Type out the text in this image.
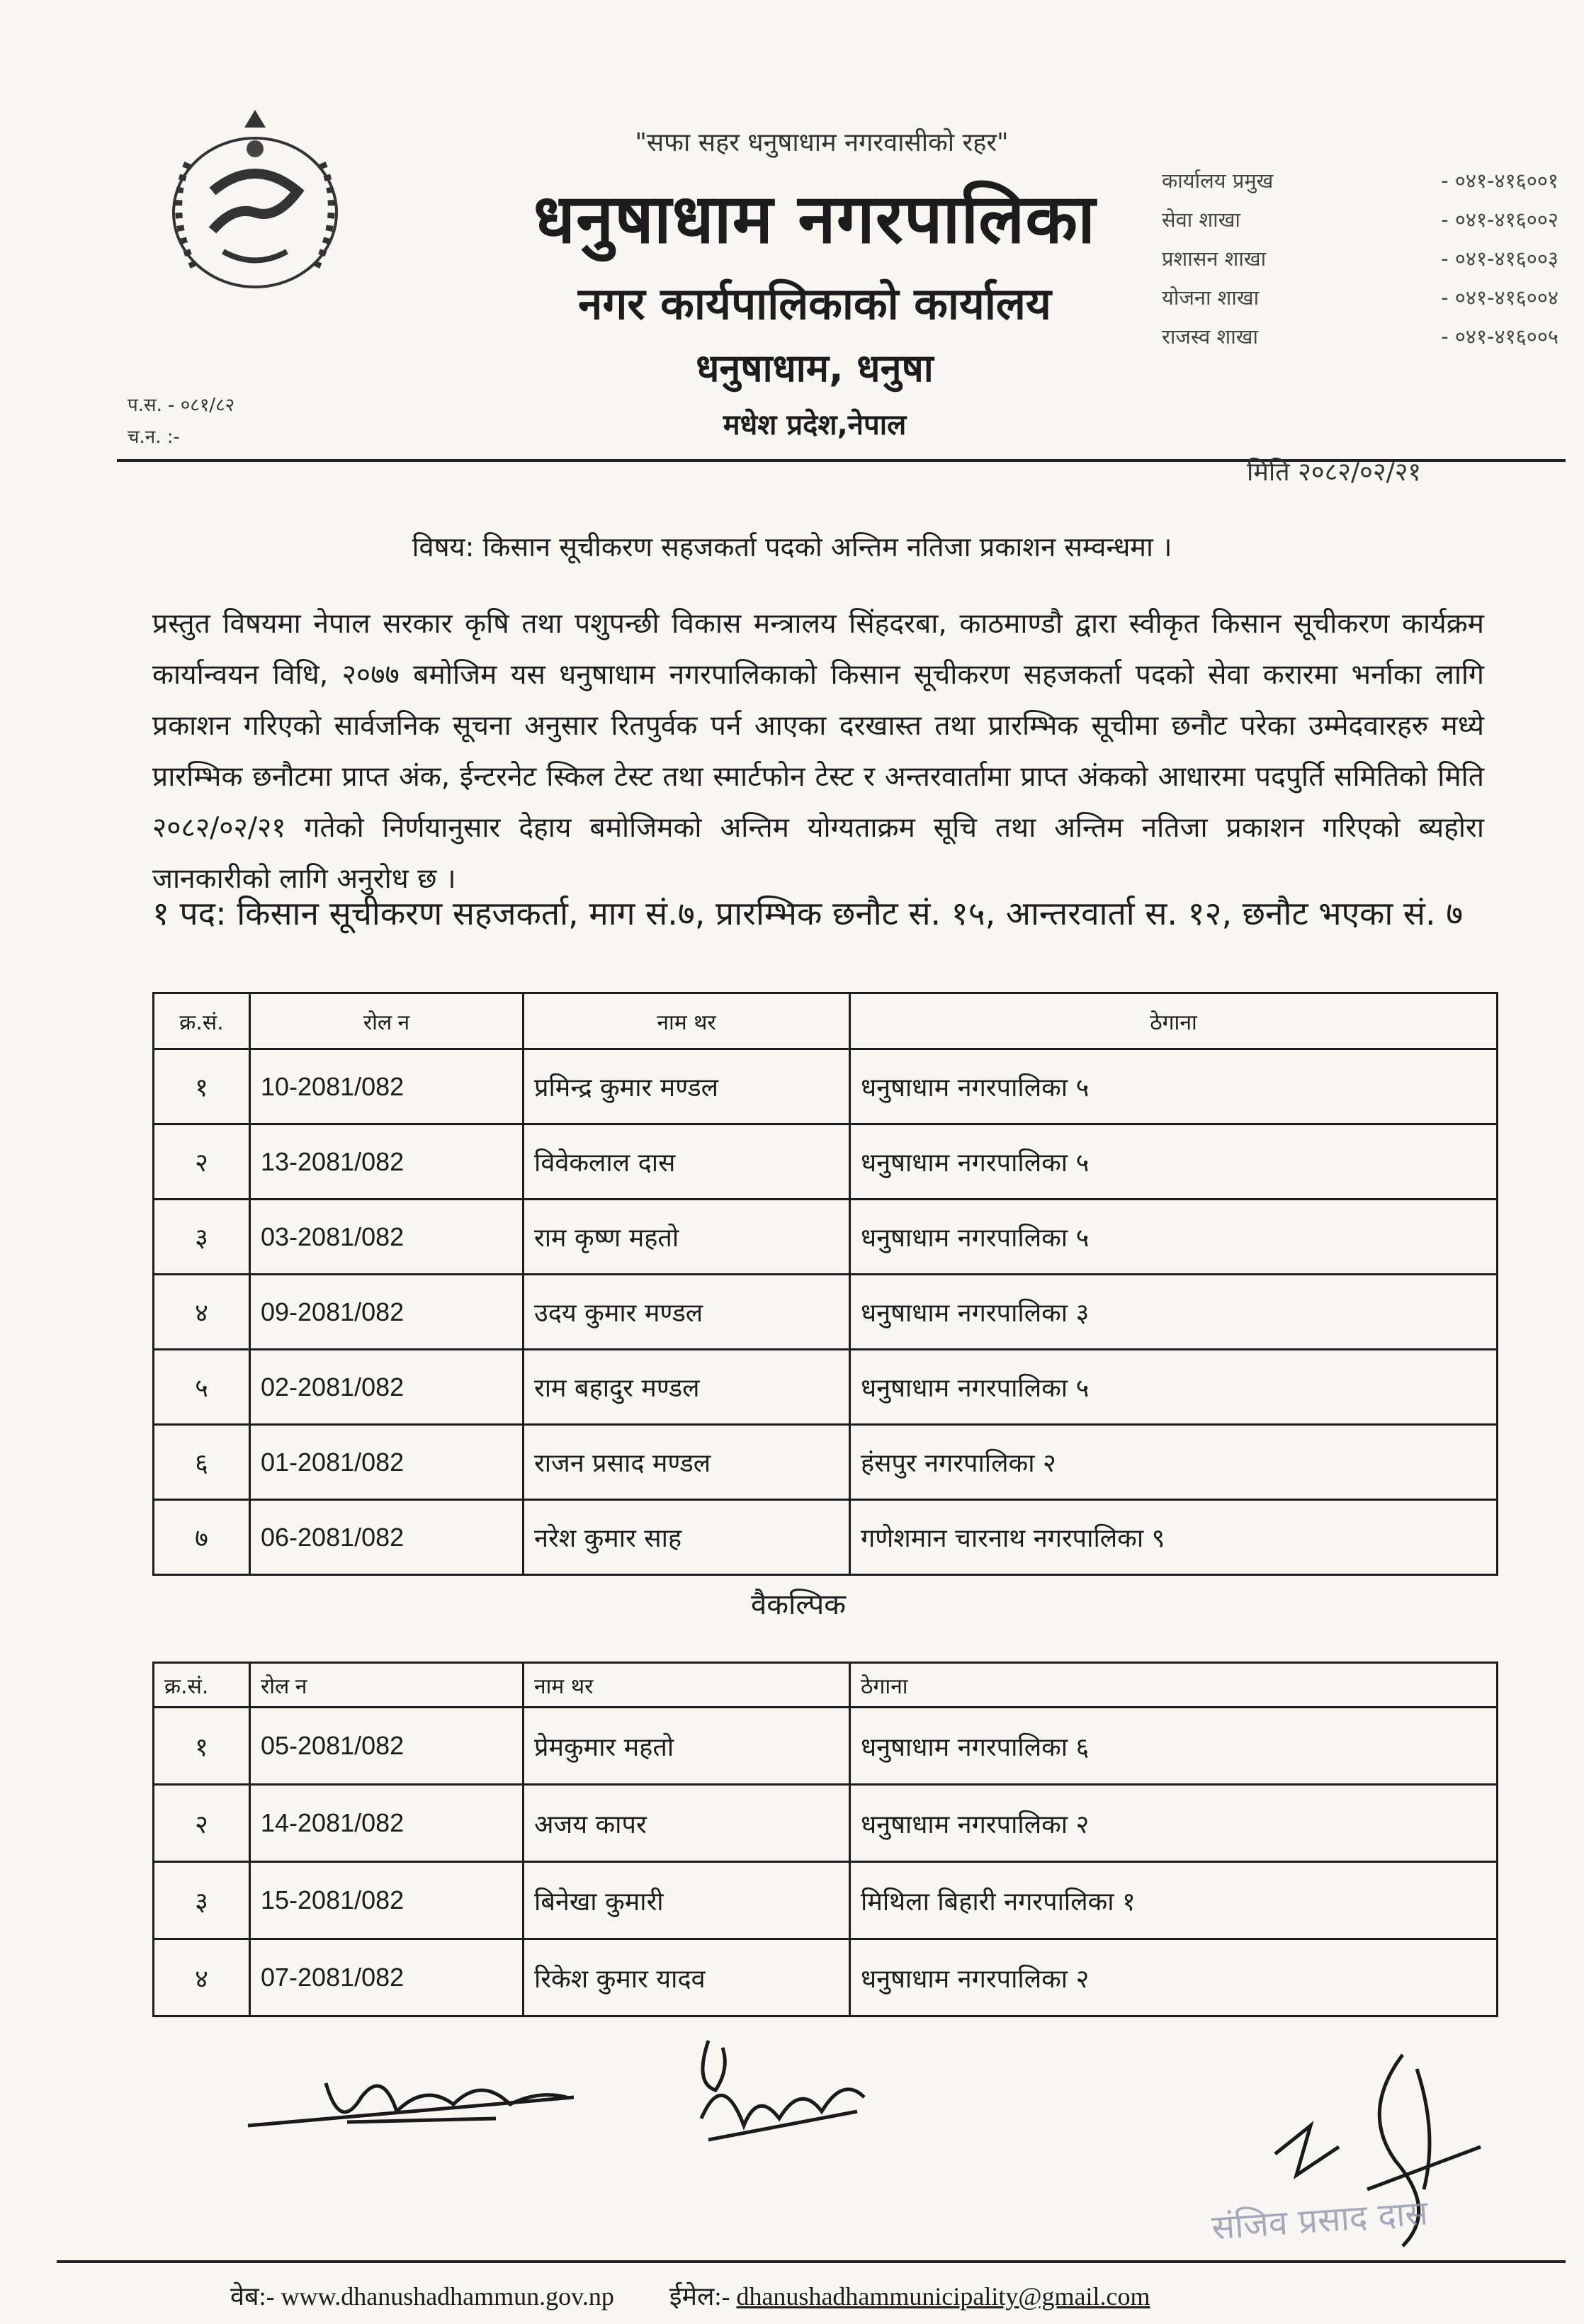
"सफा सहर धनुषाधाम नगरवासीको रहर"
धनुषाधाम नगरपालिका
नगर कार्यपालिकाको कार्यालय
धनुषाधाम, धनुषा
मधेश प्रदेश,नेपाल
कार्यालय प्रमुख	- ०४१-४१६००१
सेवा शाखा	- ०४१-४१६००२
प्रशासन शाखा	- ०४१-४१६००३
योजना शाखा	- ०४१-४१६००४
राजस्व शाखा	- ०४१-४१६००५
प.स. - ०८१/८२
च.न. :-
मिति २०८२/०२/२१
विषय: किसान सूचीकरण सहजकर्ता पदको अन्तिम नतिजा प्रकाशन सम्वन्धमा ।
प्रस्तुत विषयमा नेपाल सरकार कृषि तथा पशुपन्छी विकास मन्त्रालय सिंहदरबा, काठमाण्डौ द्वारा स्वीकृत किसान सूचीकरण कार्यक्रम कार्यान्वयन विधि, २०७७ बमोजिम यस धनुषाधाम नगरपालिकाको किसान सूचीकरण सहजकर्ता पदको सेवा करारमा भर्नाका लागि प्रकाशन गरिएको सार्वजनिक सूचना अनुसार रितपुर्वक पर्न आएका दरखास्त तथा प्रारम्भिक सूचीमा छनौट परेका उम्मेदवारहरु मध्ये प्रारम्भिक छनौटमा प्राप्त अंक, ईन्टरनेट स्किल टेस्ट तथा स्मार्टफोन टेस्ट र अन्तरवार्तामा प्राप्त अंकको आधारमा पदपुर्ति समितिको मिति २०८२/०२/२१ गतेको निर्णयानुसार देहाय बमोजिमको अन्तिम योग्यताक्रम सूचि तथा अन्तिम नतिजा प्रकाशन गरिएको ब्यहोरा जानकारीको लागि अनुरोध छ ।
१ पद: किसान सूचीकरण सहजकर्ता, माग सं.७, प्रारम्भिक छनौट सं. १५, आन्तरवार्ता स. १२, छनौट भएका सं. ७
क्र.सं.	रोल न	नाम थर	ठेगाना
१	10-2081/082	प्रमिन्द्र कुमार मण्डल	धनुषाधाम नगरपालिका ५
२	13-2081/082	विवेकलाल दास	धनुषाधाम नगरपालिका ५
३	03-2081/082	राम कृष्ण महतो	धनुषाधाम नगरपालिका ५
४	09-2081/082	उदय कुमार मण्डल	धनुषाधाम नगरपालिका ३
५	02-2081/082	राम बहादुर मण्डल	धनुषाधाम नगरपालिका ५
६	01-2081/082	राजन प्रसाद मण्डल	हंसपुर नगरपालिका २
७	06-2081/082	नरेश कुमार साह	गणेशमान चारनाथ नगरपालिका ९
वैकल्पिक
क्र.सं.	रोल न	नाम थर	ठेगाना
१	05-2081/082	प्रेमकुमार महतो	धनुषाधाम नगरपालिका ६
२	14-2081/082	अजय कापर	धनुषाधाम नगरपालिका २
३	15-2081/082	बिनेखा कुमारी	मिथिला बिहारी नगरपालिका १
४	07-2081/082	रिकेश कुमार यादव	धनुषाधाम नगरपालिका २
संजिव प्रसाद दास
वेब:- www.dhanushadhammun.gov.np ईमेल:- dhanushadhammunicipality@gmail.com
